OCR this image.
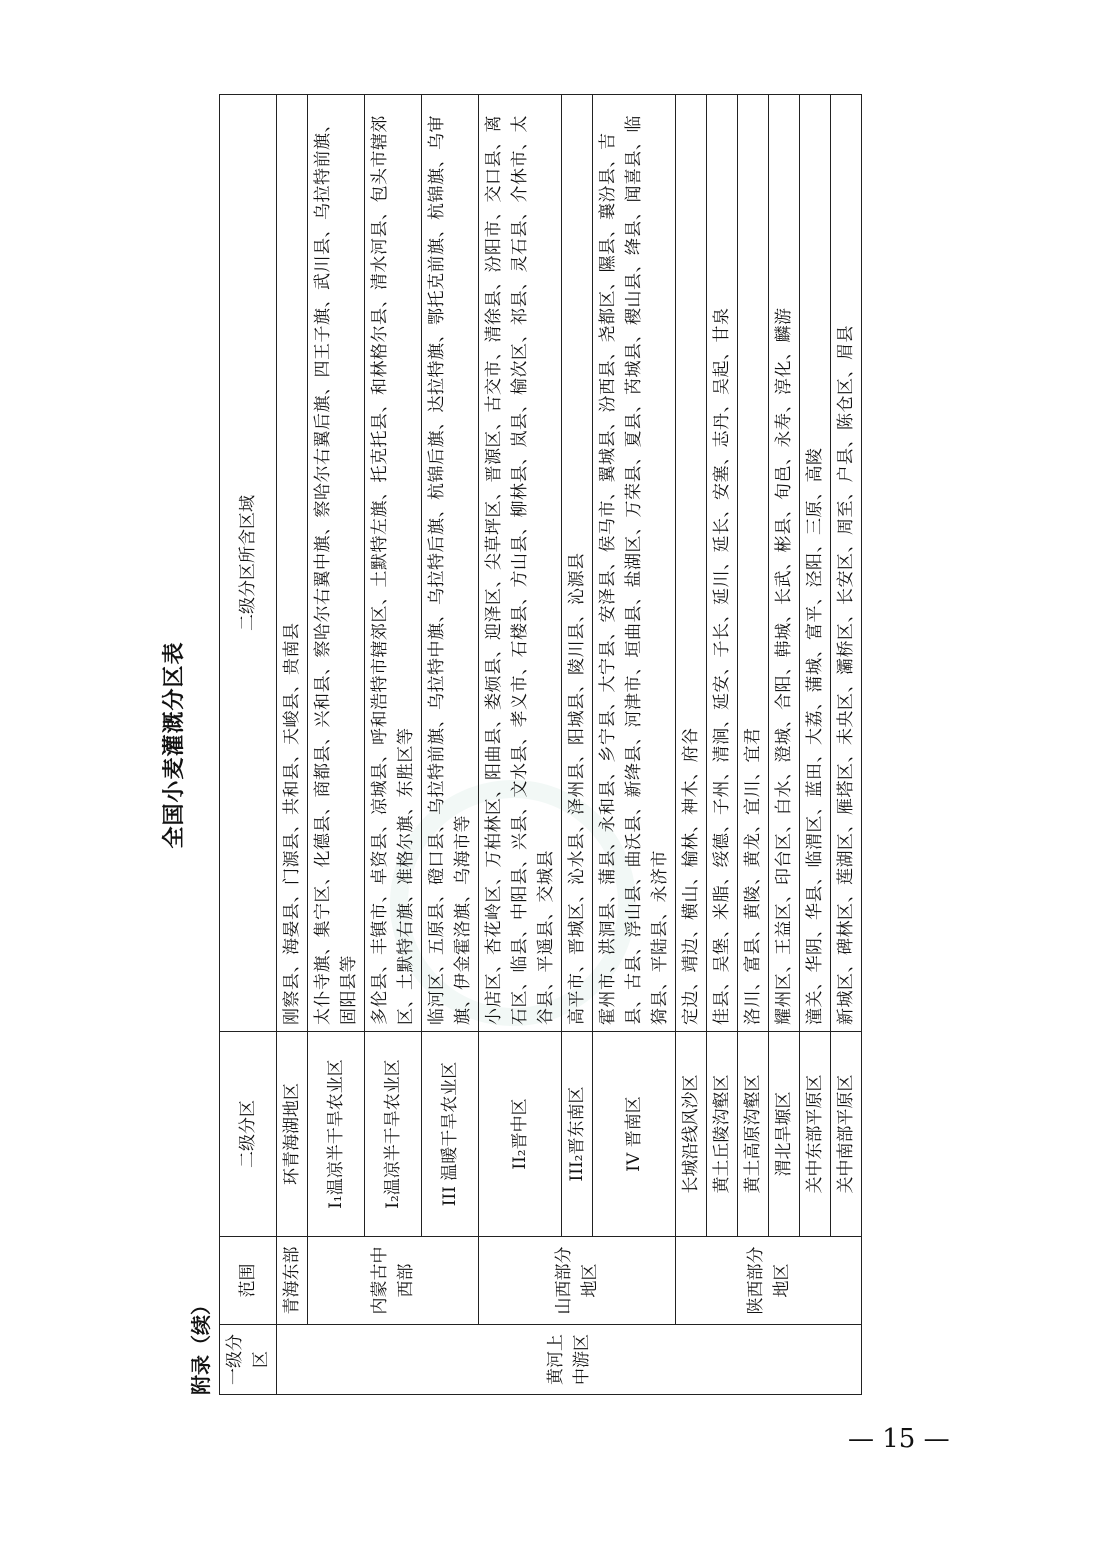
全国小麦灌溉分区表
附录（续） 一级分区	范围	二级分区	二级分区所含区域
黄河上中游区	青海东部	环青海湖地区	刚察县、海晏县、门源县、共和县、天峻县、贵南县
	内蒙古中西部	I₁温凉半干旱农业区	太仆寺旗、集宁区、化德县、商都县、兴和县、察哈尔右翼中旗、察哈尔右翼后旗、四王子旗、武川县、乌拉特前旗、固阳县等
		I₂温凉半干旱农业区	多伦县、丰镇市、卓资县、凉城县、呼和浩特市辖郊区、土默特左旗、托克托县、和林格尔县、清水河县、包头市辖郊区、土默特右旗、准格尔旗、东胜区等
		III 温暖干旱农业区	临河区、五原县、磴口县、乌拉特前旗、乌拉特中旗、乌拉特后旗、杭锦后旗、达拉特旗、鄂托克前旗、杭锦旗、乌审旗、伊金霍洛旗、乌海市等
	山西部分地区	II₂晋中区	小店区、杏花岭区、万柏林区、阳曲县、娄烦县、迎泽区、尖草坪区、晋源区、古交市、清徐县、汾阳市、交口县、离石区、临县、中阳县、兴县、文水县、孝义市、石楼县、方山县、柳林县、岚县、榆次区、祁县、灵石县、介休市、太谷县、平遥县、交城县
		III₂晋东南区	高平市、晋城区、沁水县、泽州县、阳城县、陵川县、沁源县
		IV 晋南区	霍州市、洪洞县、蒲县、永和县、乡宁县、大宁县、安泽县、侯马市、翼城县、汾西县、尧都区、隰县、襄汾县、吉县、古县、浮山县、曲沃县、新绛县、河津市、垣曲县、盐湖区、万荣县、夏县、芮城县、稷山县、绛县、闻喜县、临猗县、平陆县、永济市
	陕西部分地区	长城沿线风沙区	定边、靖边、横山、榆林、神木、府谷
		黄土丘陵沟壑区	佳县、吴堡、米脂、绥德、子州、清涧、延安、子长、延川、延长、安塞、志丹、吴起、甘泉
		黄土高原沟壑区	洛川、富县、黄陵、黄龙、宜川、宜君
		渭北旱塬区	耀州区、王益区、印台区、白水、澄城、合阳、韩城、长武、彬县、旬邑、永寿、淳化、麟游
		关中东部平原区	潼关、华阴、华县、临渭区、蓝田、大荔、蒲城、富平、泾阳、三原、高陵
		关中南部平原区	新城区、碑林区、莲湖区、雁塔区、未央区、灞桥区、长安区、周至、户县、陈仓区、眉县
— 15 —
